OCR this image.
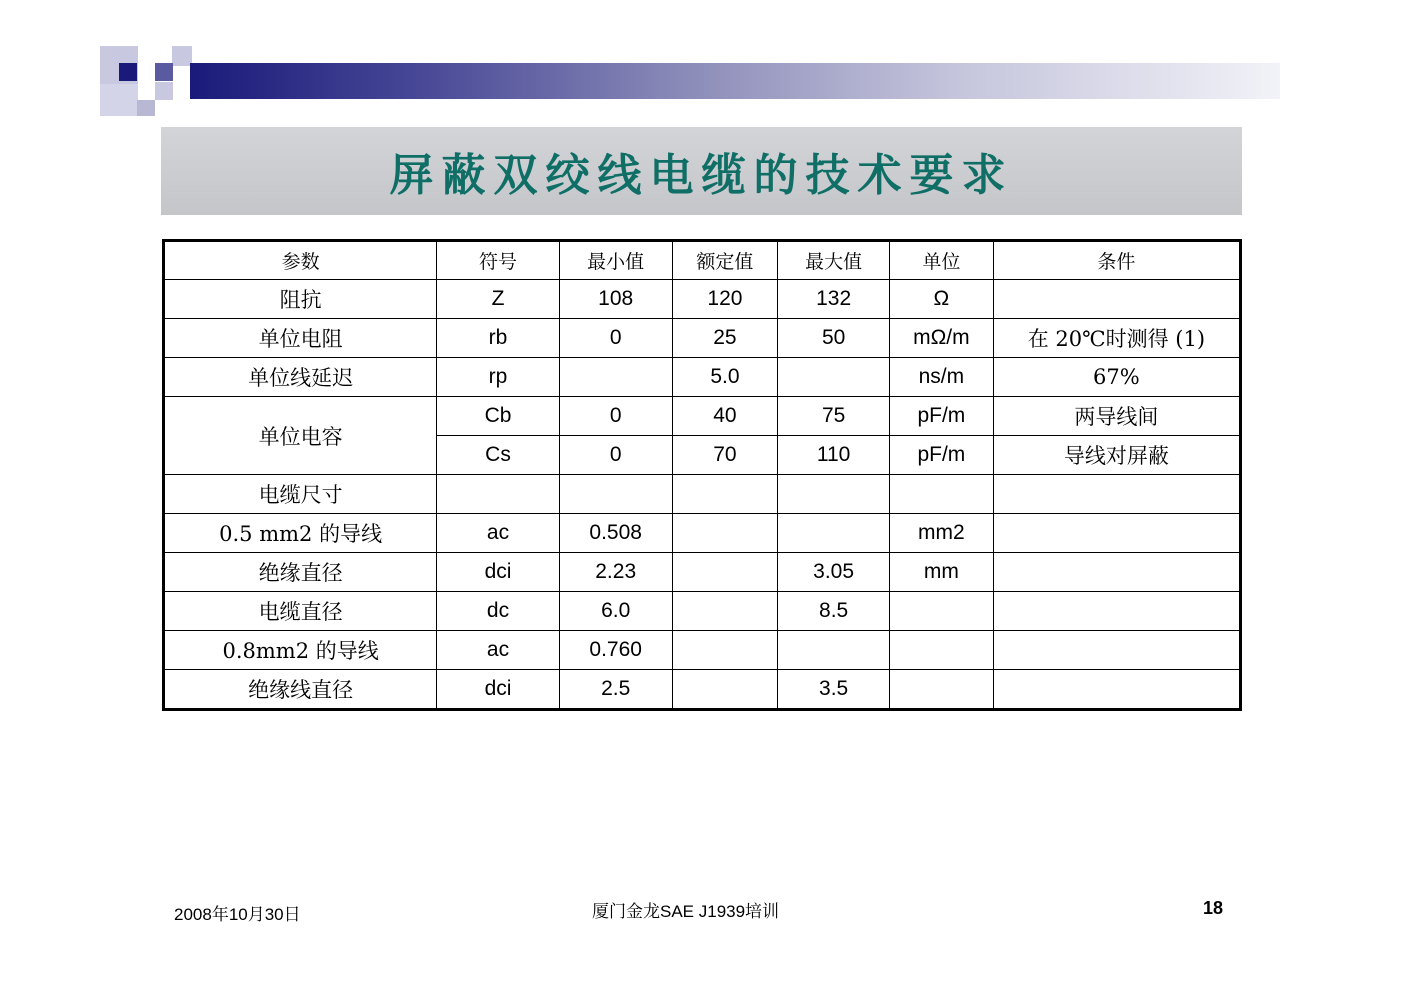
屏蔽双绞线电缆的技术要求
参数	符号	最小值	额定值	最大值	单位	条件
阻抗	Z	108	120	132	Ω	
单位电阻	rb	0	25	50	mΩ/m	在 20℃时测得 (1)
单位线延迟	rp		5.0		ns/m	67%
单位电容	Cb	0	40	75	pF/m	两导线间
	Cs	0	70	110	pF/m	导线对屏蔽
电缆尺寸						
0.5 mm2 的导线	ac	0.508			mm2	
绝缘直径	dci	2.23		3.05	mm	
电缆直径	dc	6.0		8.5		
0.8mm2 的导线	ac	0.760				
绝缘线直径	dci	2.5		3.5		
2008年10月30日	厦门金龙SAE J1939培训	18
